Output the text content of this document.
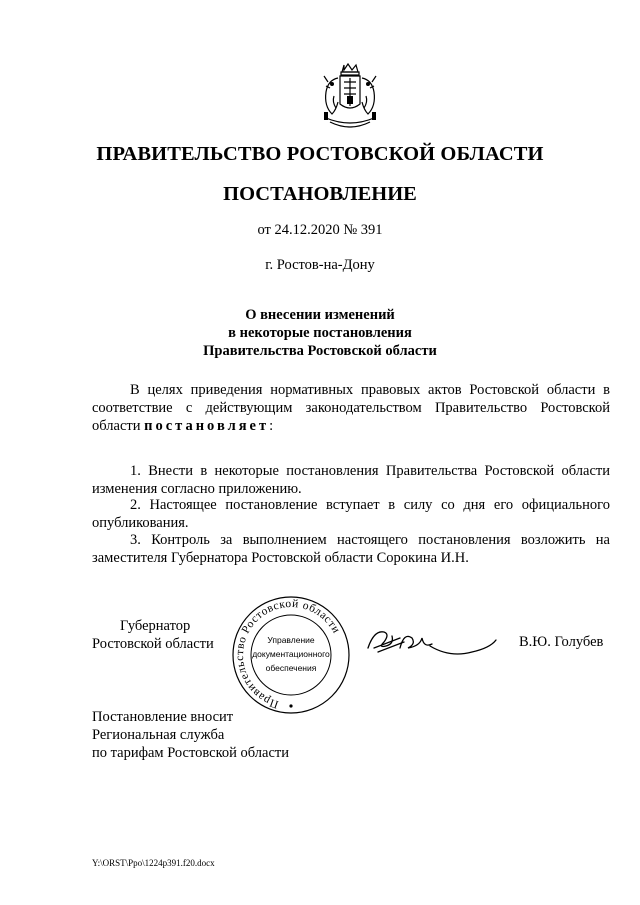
ПРАВИТЕЛЬСТВО РОСТОВСКОЙ ОБЛАСТИ
ПОСТАНОВЛЕНИЕ
от 24.12.2020 № 391
г. Ростов-на-Дону
О внесении изменений
в некоторые постановления
Правительства Ростовской области
В целях приведения нормативных правовых актов Ростовской области в соответствие с действующим законодательством Правительство Ростовской области постановляет:
1. Внести в некоторые постановления Правительства Ростовской области изменения согласно приложению.
2. Настоящее постановление вступает в силу со дня его официального опубликования.
3. Контроль за выполнением настоящего постановления возложить на заместителя Губернатора Ростовской области Сорокина И.Н.
Губернатор
Ростовской области
Правительство Ростовской области
Управление
документационного
обеспечения
В.Ю. Голубев
Постановление вносит
Региональная служба
по тарифам Ростовской области
Y:\ORST\Ppo\1224p391.f20.docx
